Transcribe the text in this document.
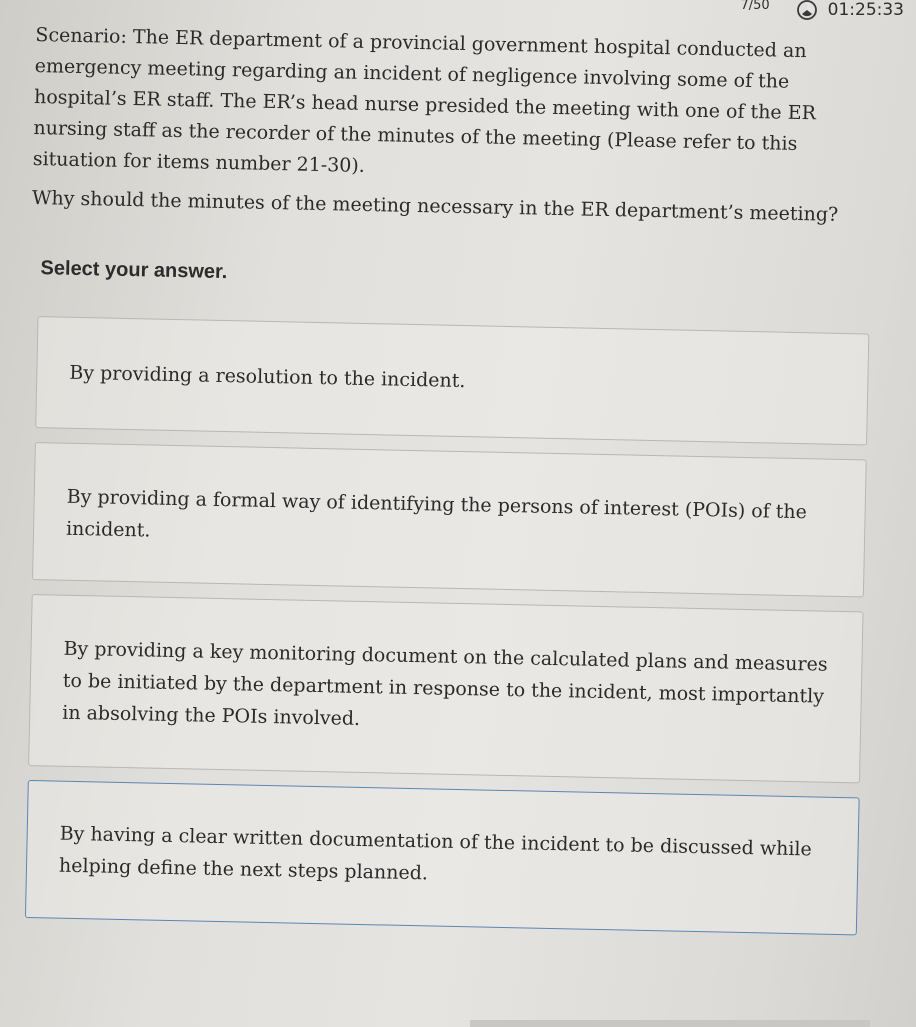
7/50	01:25:33

Scenario: The ER department of a provincial government hospital conducted an emergency meeting regarding an incident of negligence involving some of the hospital’s ER staff. The ER’s head nurse presided the meeting with one of the ER nursing staff as the recorder of the minutes of the meeting (Please refer to this situation for items number 21-30).

Why should the minutes of the meeting necessary in the ER department’s meeting?

Select your answer.
By providing a resolution to the incident.
By providing a formal way of identifying the persons of interest (POIs) of the incident.
By providing a key monitoring document on the calculated plans and measures to be initiated by the department in response to the incident, most importantly in absolving the POIs involved.
By having a clear written documentation of the incident to be discussed while helping define the next steps planned.
